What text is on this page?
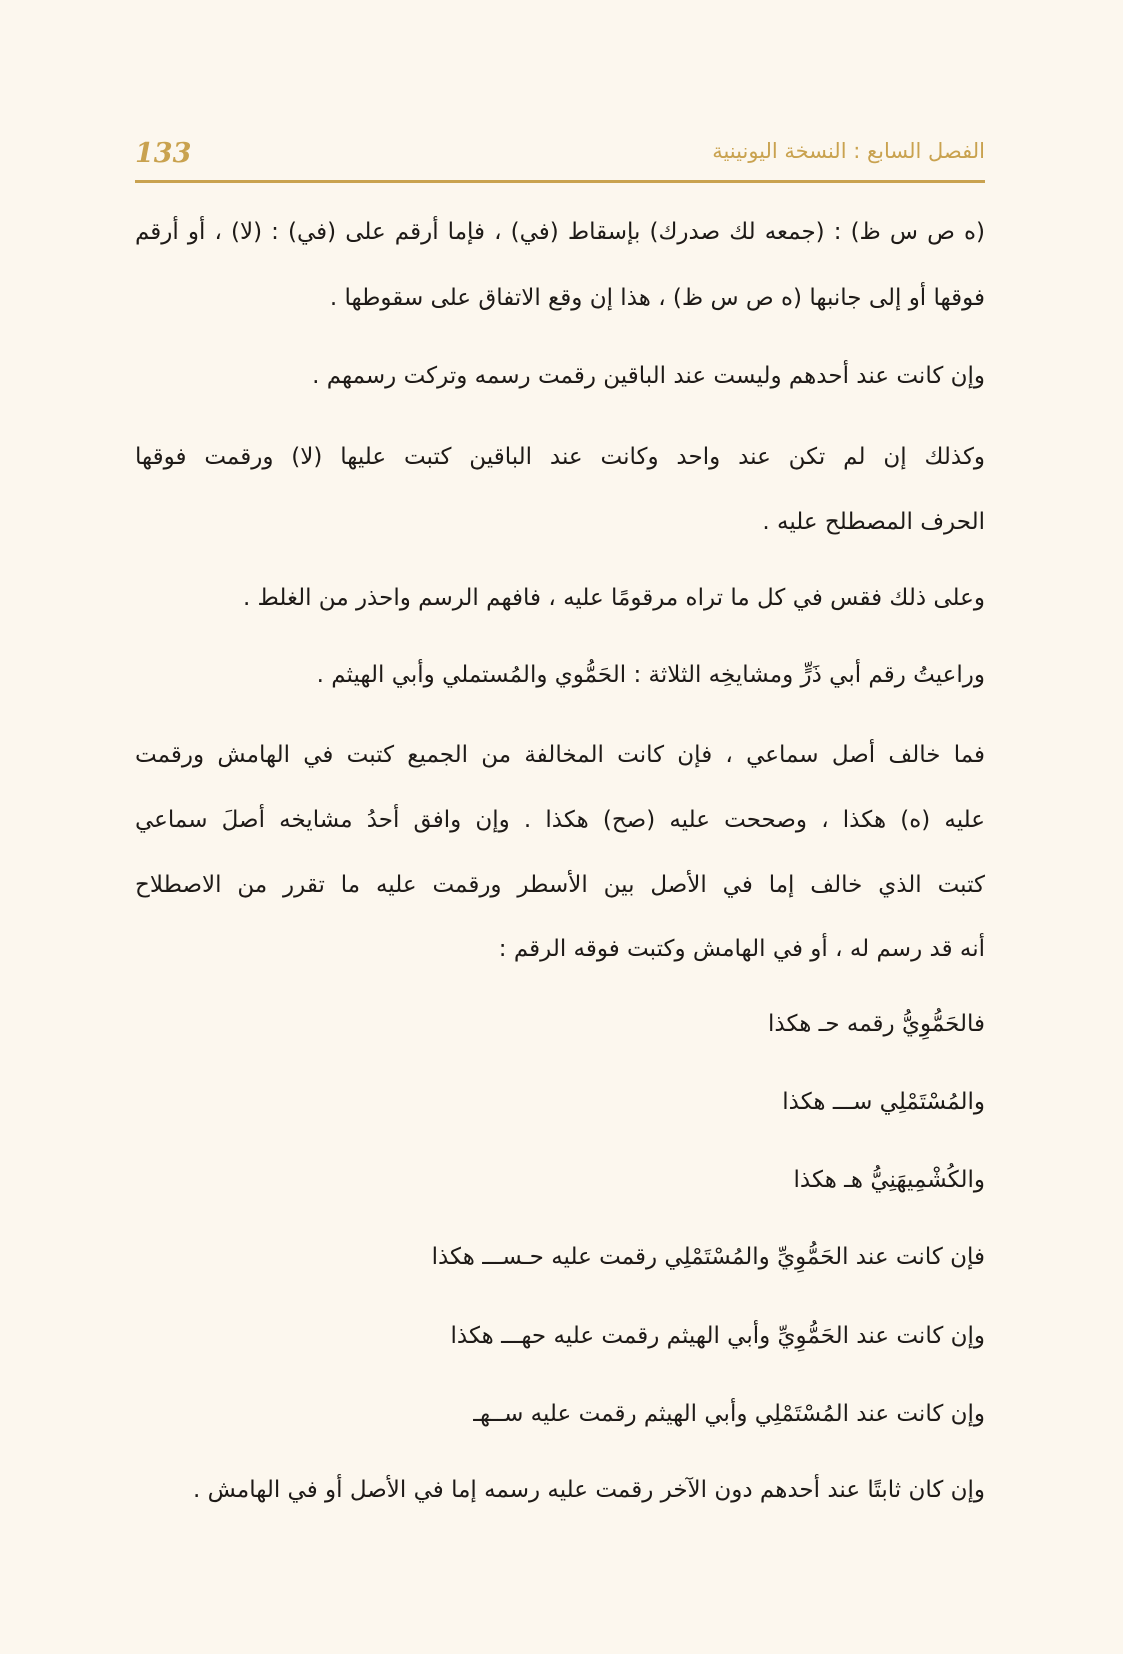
133	الفصل السابع : النسخة اليونينية
(ه ص س ظ) : (جمعه لك صدرك) بإسقاط (في) ، فإما أرقم على (في) : (لا) ، أو أرقم
فوقها أو إلى جانبها (ه ص س ظ) ، هذا إن وقع الاتفاق على سقوطها .
وإن كانت عند أحدهم وليست عند الباقين رقمت رسمه وتركت رسمهم .
وكذلك إن لم تكن عند واحد وكانت عند الباقين كتبت عليها (لا) ورقمت فوقها
الحرف المصطلح عليه .
وعلى ذلك فقس في كل ما تراه مرقومًا عليه ، فافهم الرسم واحذر من الغلط .
وراعيتُ رقم أبي ذَرٍّ ومشايخِه الثلاثة : الحَمُّوي والمُستملي وأبي الهيثم .
فما خالف أصل سماعي ، فإن كانت المخالفة من الجميع كتبت في الهامش ورقمت
عليه (ه) هكذا ، وصححت عليه (صح) هكذا . وإن وافق أحدُ مشايخه أصلَ سماعي
كتبت الذي خالف إما في الأصل بين الأسطر ورقمت عليه ما تقرر من الاصطلاح
أنه قد رسم له ، أو في الهامش وكتبت فوقه الرقم :
فالحَمُّوِيُّ رقمه حـ هكذا
والمُسْتَمْلِي ســـ هكذا
والكُشْمِيهَنِيُّ هـ هكذا
فإن كانت عند الحَمُّوِيِّ والمُسْتَمْلِي رقمت عليه حـســـ هكذا
وإن كانت عند الحَمُّوِيِّ وأبي الهيثم رقمت عليه حهـــ هكذا
وإن كانت عند المُسْتَمْلِي وأبي الهيثم رقمت عليه ســهـ
وإن كان ثابتًا عند أحدهم دون الآخر رقمت عليه رسمه إما في الأصل أو في الهامش .
